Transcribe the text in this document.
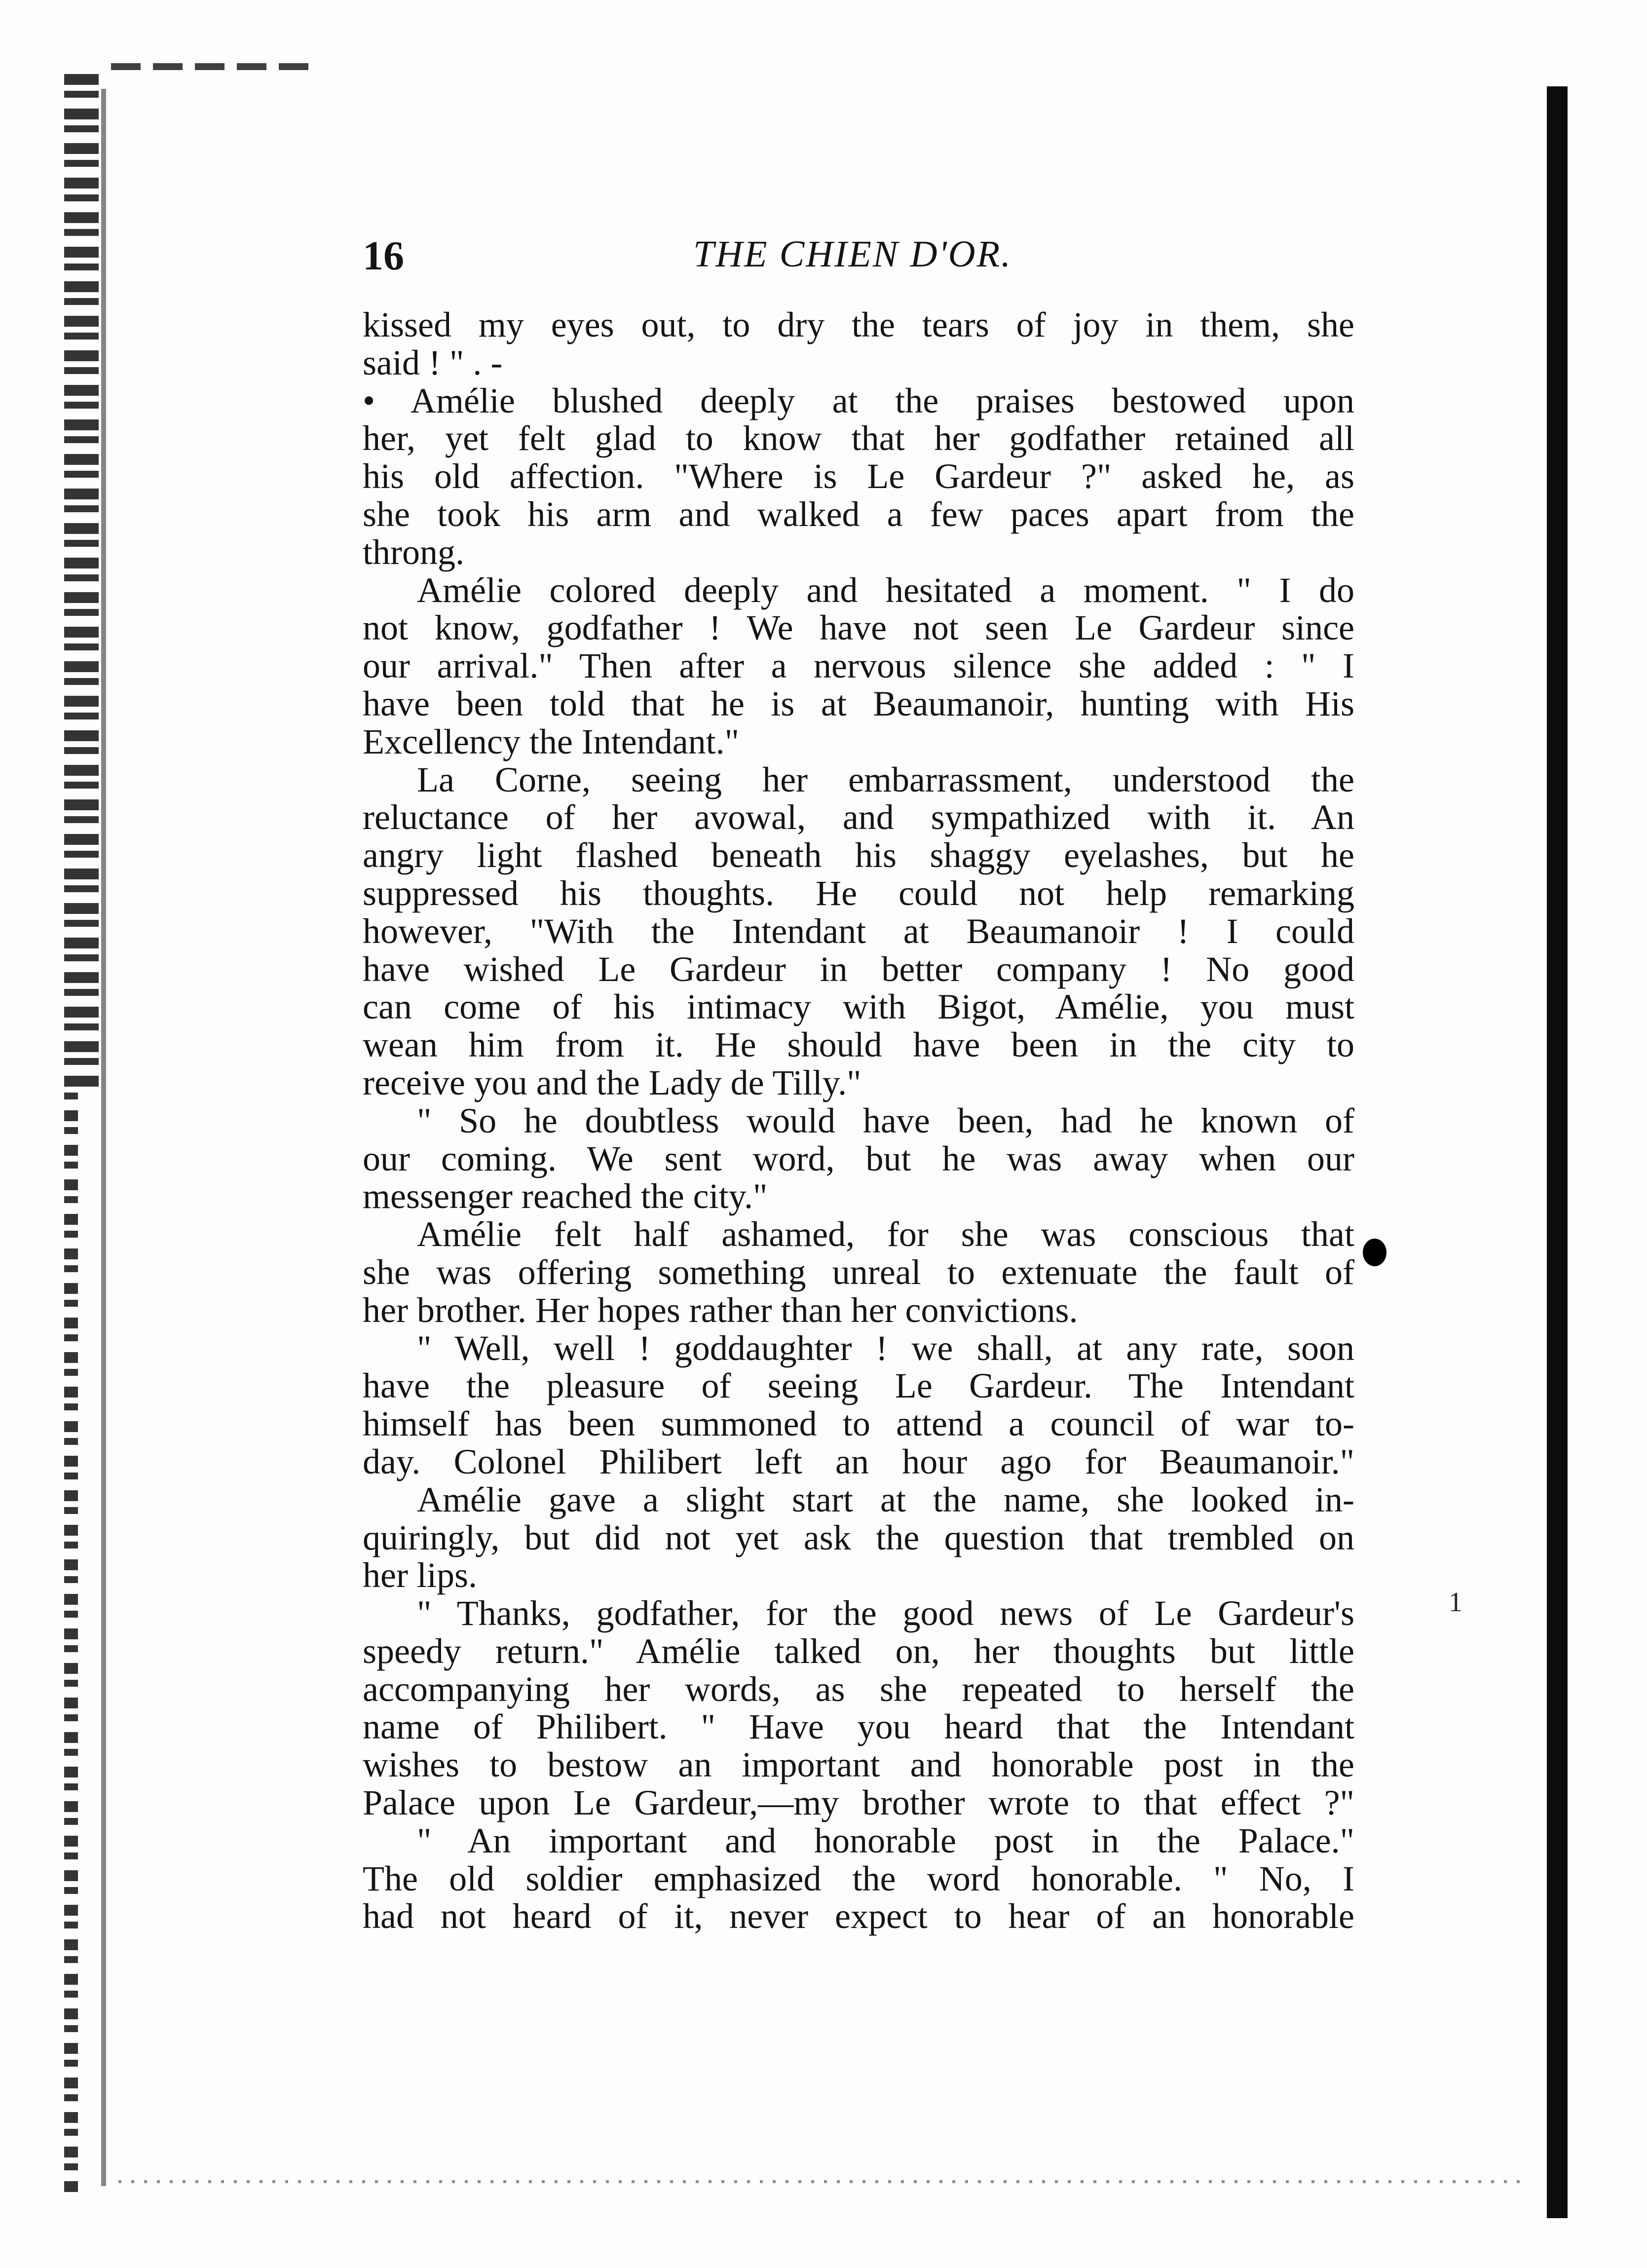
1
16	THE CHIEN D'OR.
kissed my eyes out, to dry the tears of joy in them, she
said ! " . -
• Amélie blushed deeply at the praises bestowed upon
her, yet felt glad to know that her godfather retained all
his old affection. "Where is Le Gardeur ?" asked he, as
she took his arm and walked a few paces apart from the
throng.
Amélie colored deeply and hesitated a moment. " I do
not know, godfather ! We have not seen Le Gardeur since
our arrival." Then after a nervous silence she added : " I
have been told that he is at Beaumanoir, hunting with His
Excellency the Intendant."
La Corne, seeing her embarrassment, understood the
reluctance of her avowal, and sympathized with it. An
angry light flashed beneath his shaggy eyelashes, but he
suppressed his thoughts. He could not help remarking
however, "With the Intendant at Beaumanoir ! I could
have wished Le Gardeur in better company ! No good
can come of his intimacy with Bigot, Amélie, you must
wean him from it. He should have been in the city to
receive you and the Lady de Tilly."
" So he doubtless would have been, had he known of
our coming. We sent word, but he was away when our
messenger reached the city."
Amélie felt half ashamed, for she was conscious that
she was offering something unreal to extenuate the fault of
her brother. Her hopes rather than her convictions.
" Well, well ! goddaughter ! we shall, at any rate, soon
have the pleasure of seeing Le Gardeur. The Intendant
himself has been summoned to attend a council of war to-
day. Colonel Philibert left an hour ago for Beaumanoir."
Amélie gave a slight start at the name, she looked in-
quiringly, but did not yet ask the question that trembled on
her lips.
" Thanks, godfather, for the good news of Le Gardeur's
speedy return." Amélie talked on, her thoughts but little
accompanying her words, as she repeated to herself the
name of Philibert. " Have you heard that the Intendant
wishes to bestow an important and honorable post in the
Palace upon Le Gardeur,—my brother wrote to that effect ?"
" An important and honorable post in the Palace."
The old soldier emphasized the word honorable. " No, I
had not heard of it, never expect to hear of an honorable
